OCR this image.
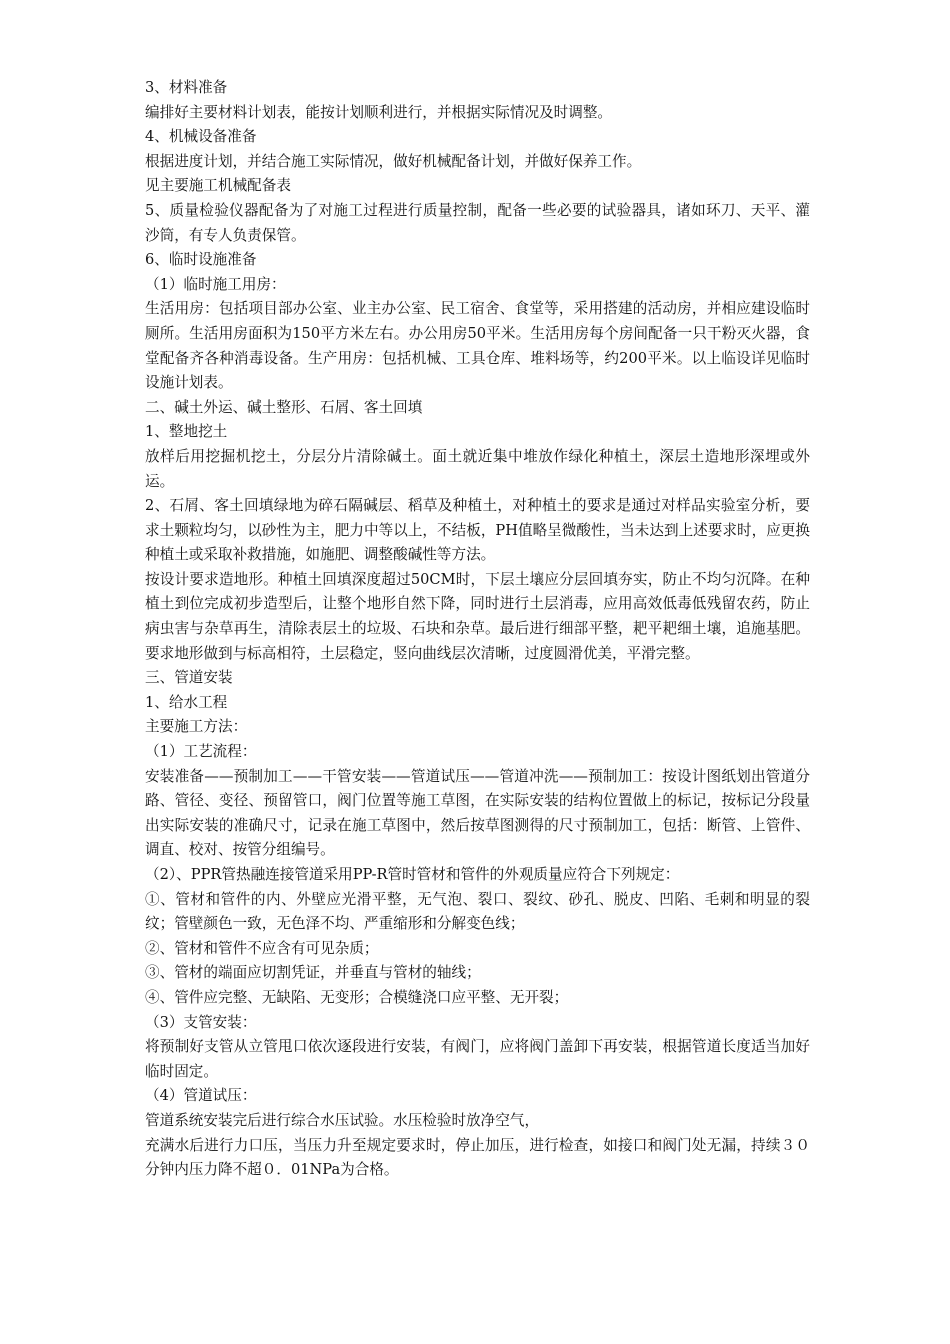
3、材料准备

编排好主要材料计划表，能按计划顺利进行，并根据实际情况及时调整。

4、机械设备准备

根据进度计划，并结合施工实际情况，做好机械配备计划，并做好保养工作。

见主要施工机械配备表

5、质量检验仪器配备为了对施工过程进行质量控制，配备一些必要的试验器具，诸如环刀、天平、灌沙筒，有专人负责保管。

6、临时设施准备

（1）临时施工用房：

生活用房：包括项目部办公室、业主办公室、民工宿舍、食堂等，采用搭建的活动房，并相应建设临时厕所。生活用房面积为150平方米左右。办公用房50平米。生活用房每个房间配备一只干粉灭火器，食堂配备齐各种消毒设备。生产用房：包括机械、工具仓库、堆料场等，约200平米。以上临设详见临时设施计划表。

二、碱土外运、碱土整形、石屑、客土回填

1、整地挖土

放样后用挖掘机挖土，分层分片清除碱土。面土就近集中堆放作绿化种植土，深层土造地形深埋或外运。

2、石屑、客土回填绿地为碎石隔碱层、稻草及种植土，对种植土的要求是通过对样品实验室分析，要求土颗粒均匀，以砂性为主，肥力中等以上，不结板，PH值略呈微酸性，当未达到上述要求时，应更换种植土或采取补救措施，如施肥、调整酸碱性等方法。

按设计要求造地形。种植土回填深度超过50CM时，下层土壤应分层回填夯实，防止不均匀沉降。在种植土到位完成初步造型后，让整个地形自然下降，同时进行土层消毒，应用高效低毒低残留农药，防止病虫害与杂草再生，清除表层土的垃圾、石块和杂草。最后进行细部平整，耙平耙细土壤，追施基肥。要求地形做到与标高相符，土层稳定，竖向曲线层次清晰，过度圆滑优美，平滑完整。

三、管道安装

1、给水工程

主要施工方法：

（1）工艺流程：

安装准备——预制加工——干管安装——管道试压——管道冲洗——预制加工：按设计图纸划出管道分路、管径、变径、预留管口，阀门位置等施工草图，在实际安装的结构位置做上的标记，按标记分段量出实际安装的准确尺寸，记录在施工草图中，然后按草图测得的尺寸预制加工，包括：断管、上管件、调直、校对、按管分组编号。

（2）、PPR管热融连接管道采用PP-R管时管材和管件的外观质量应符合下列规定：

①、管材和管件的内、外壁应光滑平整，无气泡、裂口、裂纹、砂孔、脱皮、凹陷、毛刺和明显的裂纹；管壁颜色一致，无色泽不均、严重缩形和分解变色线；

②、管材和管件不应含有可见杂质；

③、管材的端面应切割凭证，并垂直与管材的轴线；

④、管件应完整、无缺陷、无变形；合模缝浇口应平整、无开裂；

（3）支管安装：

将预制好支管从立管甩口依次逐段进行安装，有阀门，应将阀门盖卸下再安装，根据管道长度适当加好临时固定。

（4）管道试压：

管道系统安装完后进行综合水压试验。水压检验时放净空气，

充满水后进行力口压，当压力升至规定要求时，停止加压，进行检查，如接口和阀门处无漏，持续３０分钟内压力降不超０．01NPa为合格。
